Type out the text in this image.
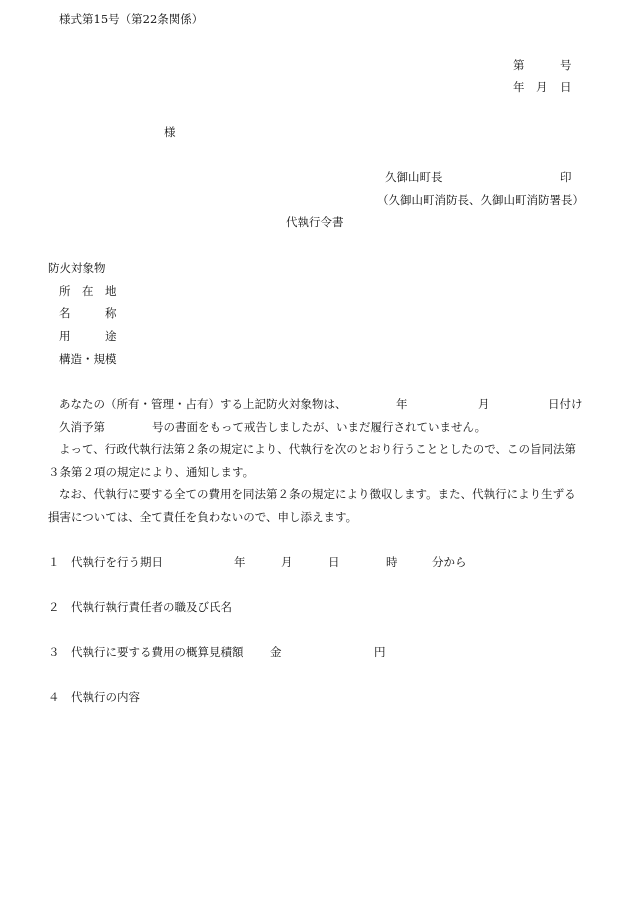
様式第15号（第22条関係）
第	号
年 月 日
様
久御山町長	印
（久御山町消防長、久御山町消防署長）
代執行令書
防火対象物
所　在　地
名　　　称
用　　　途
構造・規模
あなたの（所有・管理・占有）する上記防火対象物は、	年	月	日付け
久消予第	号の書面をもって戒告しましたが、いまだ履行されていません。
よって、行政代執行法第２条の規定により、代執行を次のとおり行うこととしたので、この旨同法第
３条第２項の規定により、通知します。
なお、代執行に要する全ての費用を同法第２条の規定により徴収します。また、代執行により生ずる
損害については、全て責任を負わないので、申し添えます。
１ 代執行を行う期日	年	月	日	時	分から
２ 代執行執行責任者の職及び氏名
３ 代執行に要する費用の概算見積額 金	円
４ 代執行の内容
